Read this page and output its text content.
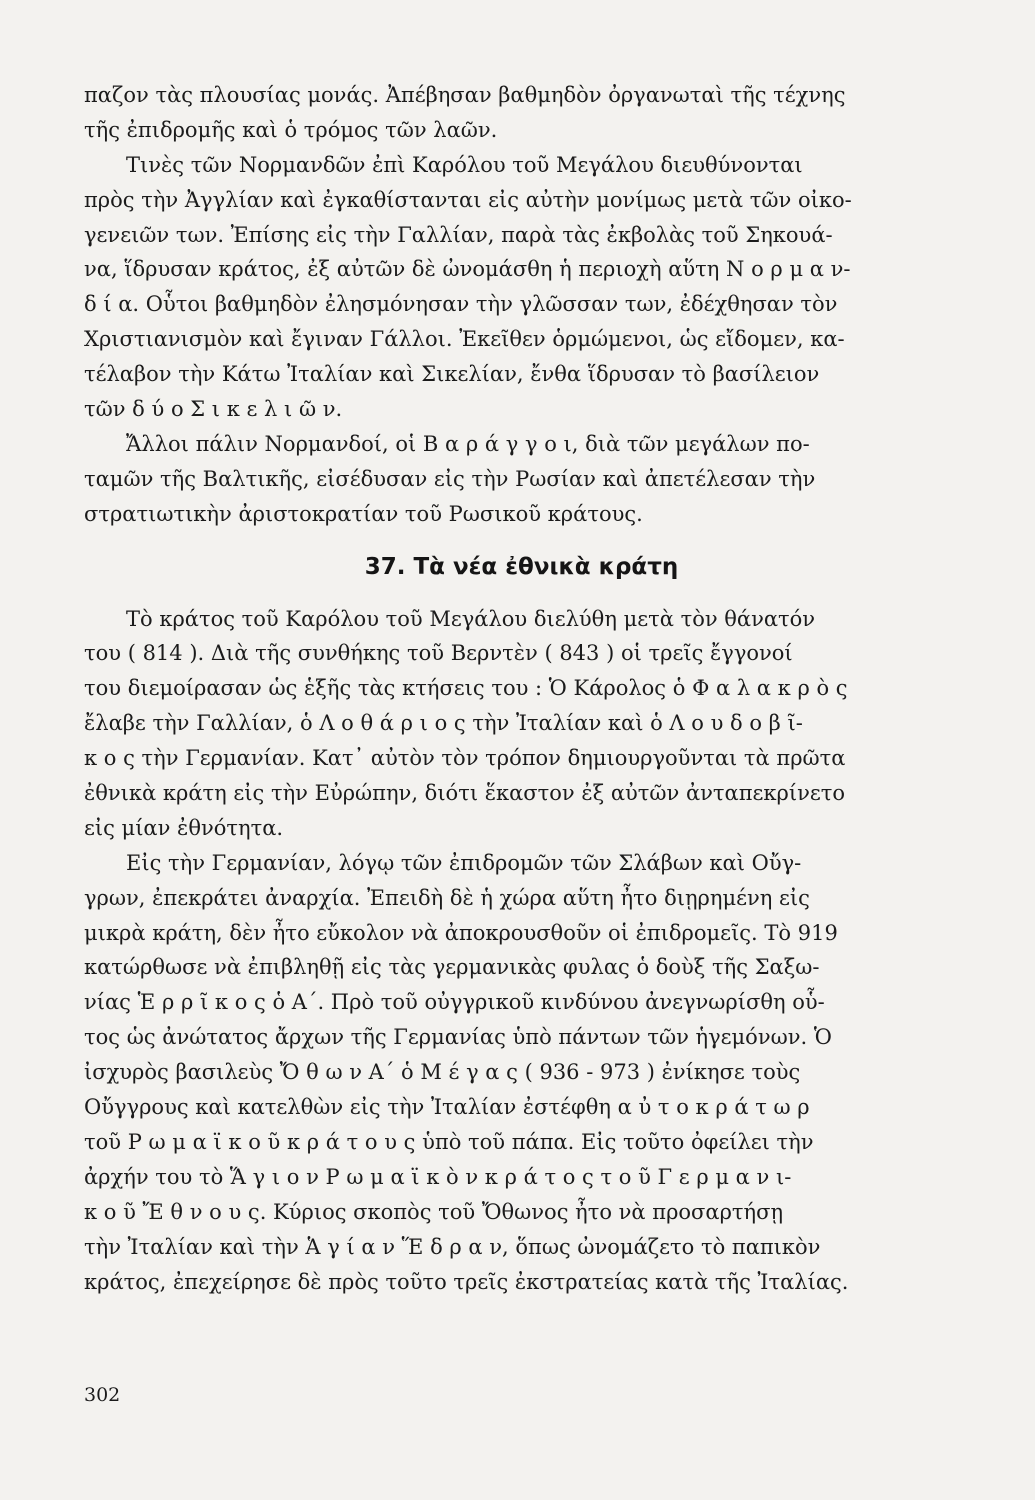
παζον τὰς πλουσίας μονάς. Ἀπέβησαν βαθμηδὸν ὀργανωταὶ τῆς τέχνης
τῆς ἐπιδρομῆς καὶ ὁ τρόμος τῶν λαῶν.
Τινὲς τῶν Νορμανδῶν ἐπὶ Καρόλου τοῦ Μεγάλου διευθύνονται
πρὸς τὴν Ἀγγλίαν καὶ ἐγκαθίστανται εἰς αὐτὴν μονίμως μετὰ τῶν οἰκο-
γενειῶν των. Ἐπίσης εἰς τὴν Γαλλίαν, παρὰ τὰς ἐκβολὰς τοῦ Σηκουά-
να, ἵδρυσαν κράτος, ἐξ αὐτῶν δὲ ὠνομάσθη ἡ περιοχὴ αὕτη Ν ο ρ μ α ν-
δ ί α. Οὗτοι βαθμηδὸν ἐλησμόνησαν τὴν γλῶσσαν των, ἐδέχθησαν τὸν
Χριστιανισμὸν καὶ ἔγιναν Γάλλοι. Ἐκεῖθεν ὁρμώμενοι, ὡς εἴδομεν, κα-
τέλαβον τὴν Κάτω Ἰταλίαν καὶ Σικελίαν, ἔνθα ἵδρυσαν τὸ βασίλειον
τῶν δ ύ ο Σ ι κ ε λ ι ῶ ν.
Ἄλλοι πάλιν Νορμανδοί, οἱ Β α ρ ά γ γ ο ι, διὰ τῶν μεγάλων πο-
ταμῶν τῆς Βαλτικῆς, εἰσέδυσαν εἰς τὴν Ρωσίαν καὶ ἀπετέλεσαν τὴν
στρατιωτικὴν ἀριστοκρατίαν τοῦ Ρωσικοῦ κράτους.
37. Τὰ νέα ἐθνικὰ κράτη
Τὸ κράτος τοῦ Καρόλου τοῦ Μεγάλου διελύθη μετὰ τὸν θάνατόν
του ( 814 ). Διὰ τῆς συνθήκης τοῦ Βερντὲν ( 843 ) οἱ τρεῖς ἔγγονοί
του διεμοίρασαν ὡς ἑξῆς τὰς κτήσεις του : Ὁ Κάρολος ὁ Φ α λ α κ ρ ὸ ς
ἔλαβε τὴν Γαλλίαν, ὁ Λ ο θ ά ρ ι ο ς τὴν Ἰταλίαν καὶ ὁ Λ ο υ δ ο β ῖ-
κ ο ς τὴν Γερμανίαν. Κατ᾽ αὐτὸν τὸν τρόπον δημιουργοῦνται τὰ πρῶτα
ἐθνικὰ κράτη εἰς τὴν Εὐρώπην, διότι ἕκαστον ἐξ αὐτῶν ἀνταπεκρίνετο
εἰς μίαν ἐθνότητα.
Εἰς τὴν Γερμανίαν, λόγῳ τῶν ἐπιδρομῶν τῶν Σλάβων καὶ Οὔγ-
γρων, ἐπεκράτει ἀναρχία. Ἐπειδὴ δὲ ἡ χώρα αὕτη ἦτο διῃρημένη εἰς
μικρὰ κράτη, δὲν ἦτο εὔκολον νὰ ἀποκρουσθοῦν οἱ ἐπιδρομεῖς. Τὸ 919
κατώρθωσε νὰ ἐπιβληθῇ εἰς τὰς γερμανικὰς φυλας ὁ δοὺξ τῆς Σαξω-
νίας Ἑ ρ ρ ῖ κ ο ς ὁ Α΄. Πρὸ τοῦ οὐγγρικοῦ κινδύνου ἀνεγνωρίσθη οὗ-
τος ὡς ἀνώτατος ἄρχων τῆς Γερμανίας ὑπὸ πάντων τῶν ἡγεμόνων. Ὁ
ἰσχυρὸς βασιλεὺς Ὄ θ ω ν Α΄ ὁ Μ έ γ α ς ( 936 - 973 ) ἐνίκησε τοὺς
Οὔγγρους καὶ κατελθὼν εἰς τὴν Ἰταλίαν ἐστέφθη α ὐ τ ο κ ρ ά τ ω ρ
τοῦ Ρ ω μ α ϊ κ ο ῦ κ ρ ά τ ο υ ς ὑπὸ τοῦ πάπα. Εἰς τοῦτο ὀφείλει τὴν
ἀρχήν του τὸ Ἅ γ ι ο ν Ρ ω μ α ϊ κ ὸ ν κ ρ ά τ ο ς τ ο ῦ Γ ε ρ μ α ν ι-
κ ο ῦ Ἔ θ ν ο υ ς. Κύριος σκοπὸς τοῦ Ὄθωνος ἦτο νὰ προσαρτήσῃ
τὴν Ἰταλίαν καὶ τὴν Ἁ γ ί α ν Ἕ δ ρ α ν, ὅπως ὠνομάζετο τὸ παπικὸν
κράτος, ἐπεχείρησε δὲ πρὸς τοῦτο τρεῖς ἐκστρατείας κατὰ τῆς Ἰταλίας.
302
